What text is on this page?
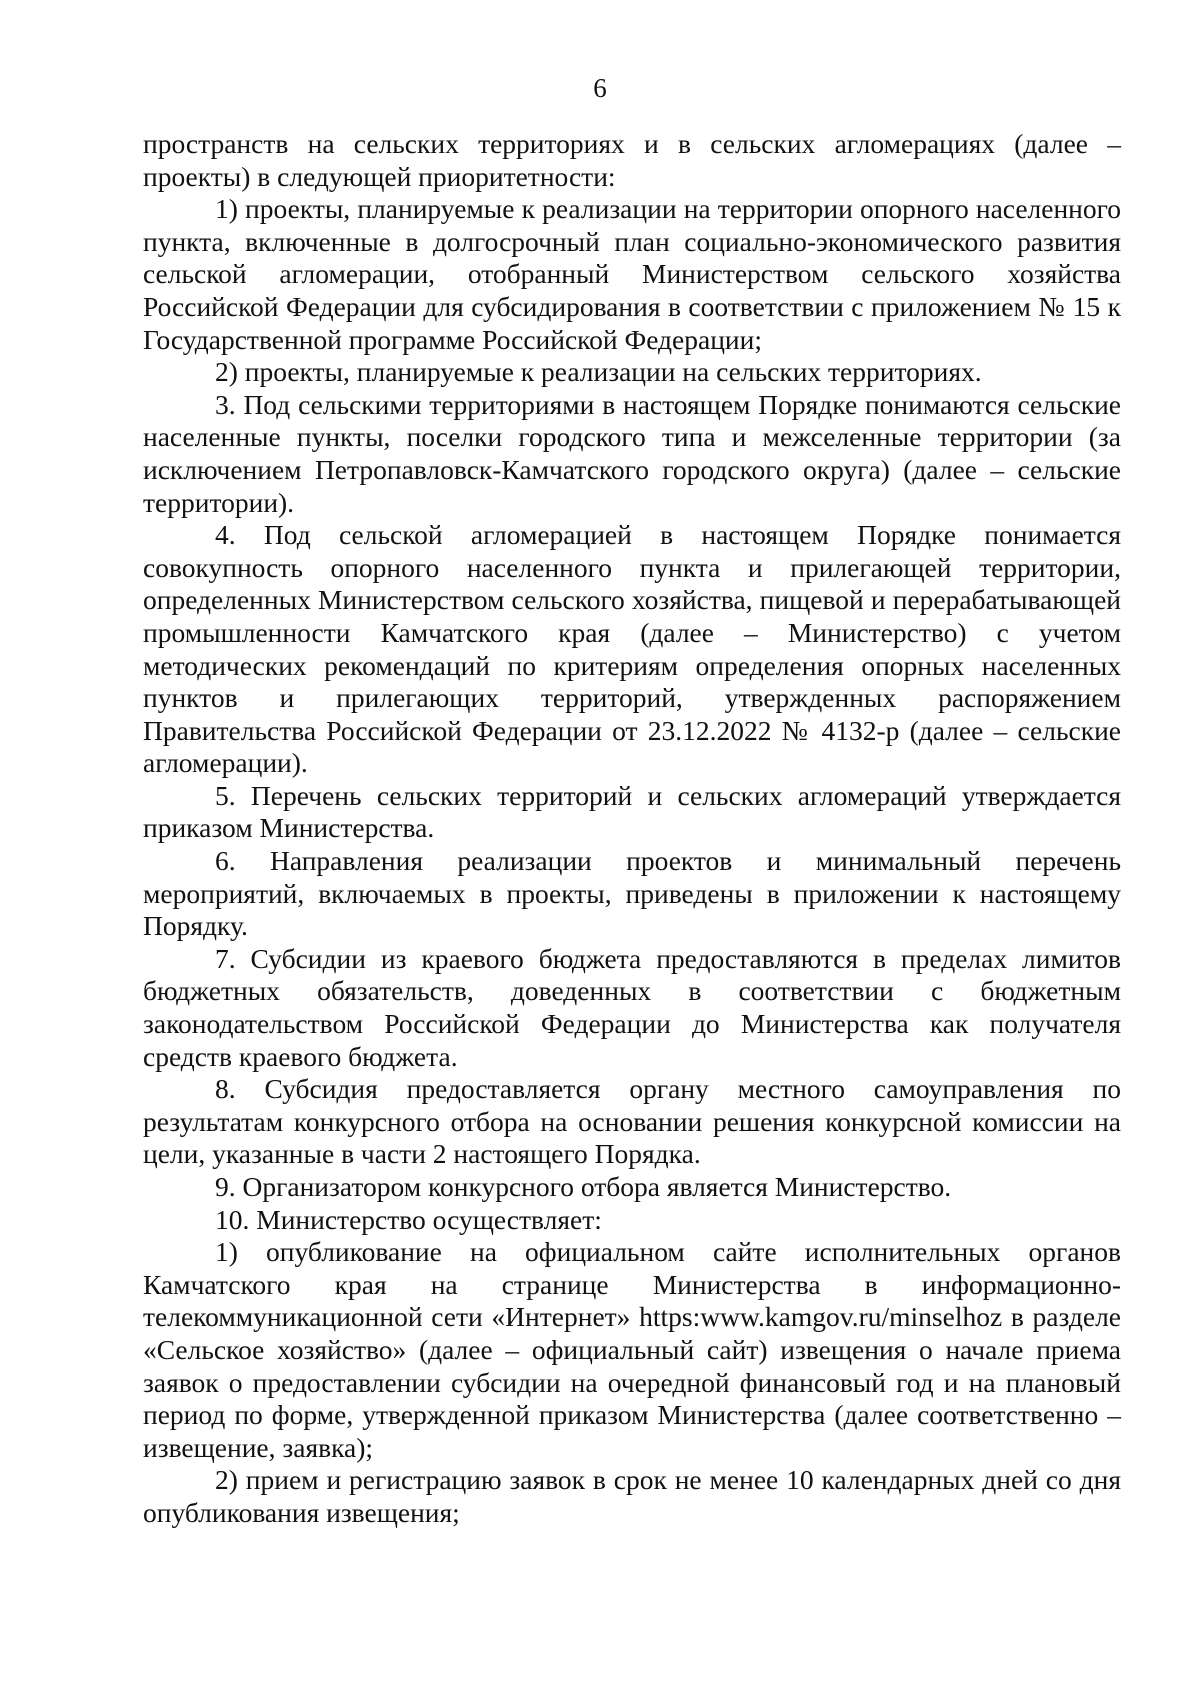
6

пространств на сельских территориях и в сельских агломерациях (далее – проекты) в следующей приоритетности:

1) проекты, планируемые к реализации на территории опорного населенного пункта, включенные в долгосрочный план социально-экономического развития сельской агломерации, отобранный Министерством сельского хозяйства Российской Федерации для субсидирования в соответствии с приложением № 15 к Государственной программе Российской Федерации;

2) проекты, планируемые к реализации на сельских территориях.

3. Под сельскими территориями в настоящем Порядке понимаются сельские населенные пункты, поселки городского типа и межселенные территории (за исключением Петропавловск-Камчатского городского округа) (далее – сельские территории).

4. Под сельской агломерацией в настоящем Порядке понимается совокупность опорного населенного пункта и прилегающей территории, определенных Министерством сельского хозяйства, пищевой и перерабатывающей промышленности Камчатского края (далее – Министерство) с учетом методических рекомендаций по критериям определения опорных населенных пунктов и прилегающих территорий, утвержденных распоряжением Правительства Российской Федерации от 23.12.2022 № 4132-р (далее – сельские агломерации).

5. Перечень сельских территорий и сельских агломераций утверждается приказом Министерства.

6. Направления реализации проектов и минимальный перечень мероприятий, включаемых в проекты, приведены в приложении к настоящему Порядку.

7. Субсидии из краевого бюджета предоставляются в пределах лимитов бюджетных обязательств, доведенных в соответствии с бюджетным законодательством Российской Федерации до Министерства как получателя средств краевого бюджета.

8. Субсидия предоставляется органу местного самоуправления по результатам конкурсного отбора на основании решения конкурсной комиссии на цели, указанные в части 2 настоящего Порядка.

9. Организатором конкурсного отбора является Министерство.

10. Министерство осуществляет:

1) опубликование на официальном сайте исполнительных органов Камчатского края на странице Министерства в информационно-телекоммуникационной сети «Интернет» https:www.kamgov.ru/minselhoz в разделе «Сельское хозяйство» (далее – официальный сайт) извещения о начале приема заявок о предоставлении субсидии на очередной финансовый год и на плановый период по форме, утвержденной приказом Министерства (далее соответственно – извещение, заявка);

2) прием и регистрацию заявок в срок не менее 10 календарных дней со дня опубликования извещения;
